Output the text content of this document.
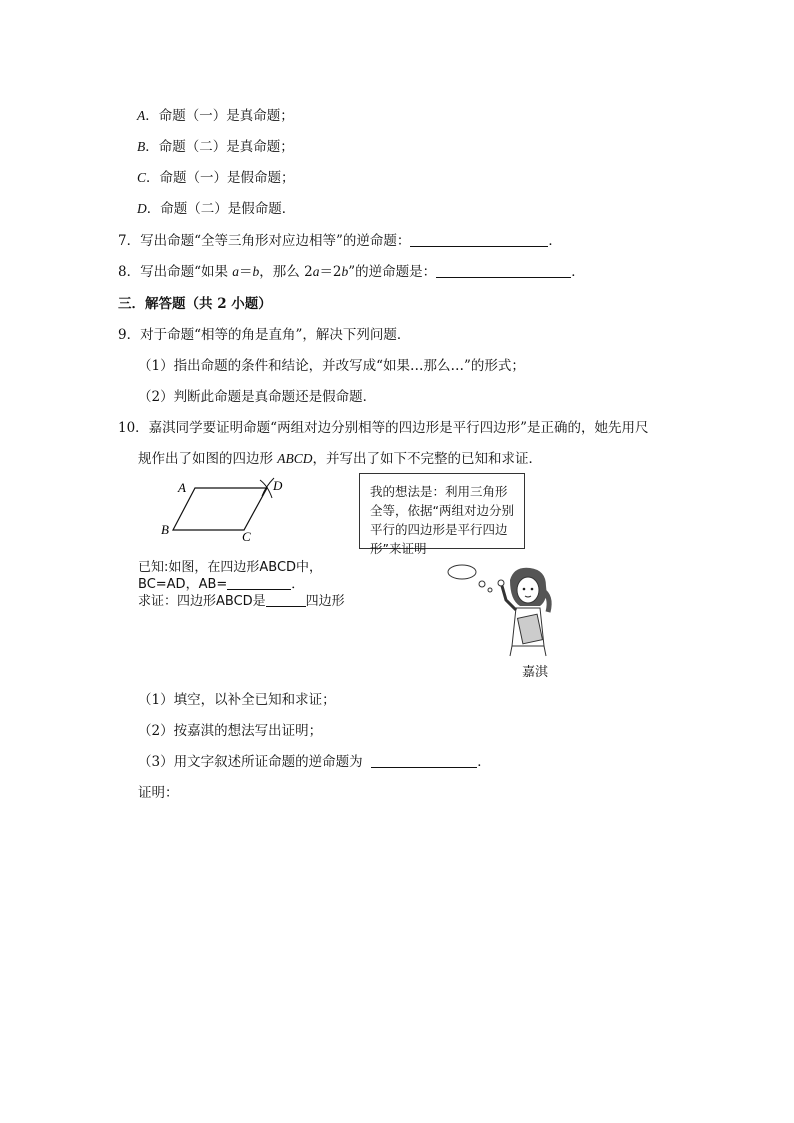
A．命题（一）是真命题；
B．命题（二）是真命题；
C．命题（一）是假命题；
D．命题（二）是假命题．
7．写出命题“全等三角形对应边相等”的逆命题：	．
8．写出命题“如果 a＝b，那么 2a＝2b”的逆命题是：	．
三．解答题（共 2 小题）
9．对于命题“相等的角是直角”，解决下列问题．
（1）指出命题的条件和结论，并改写成“如果…那么…”的形式；
（2）判断此命题是真命题还是假命题．
10．嘉淇同学要证明命题“两组对边分别相等的四边形是平行四边形”是正确的，她先用尺
规作出了如图的四边形 ABCD，并写出了如下不完整的已知和求证．
A	D
B	C
我的想法是：利用三角形全等，依据“两组对边分别平行的四边形是平行四边形”来证明
已知:如图，在四边形ABCD中，
BC=AD，AB=	．
求证：四边形ABCD是	四边形
嘉淇
（1）填空，以补全已知和求证；
（2）按嘉淇的想法写出证明；
（3）用文字叙述所证命题的逆命题为	．
证明：
